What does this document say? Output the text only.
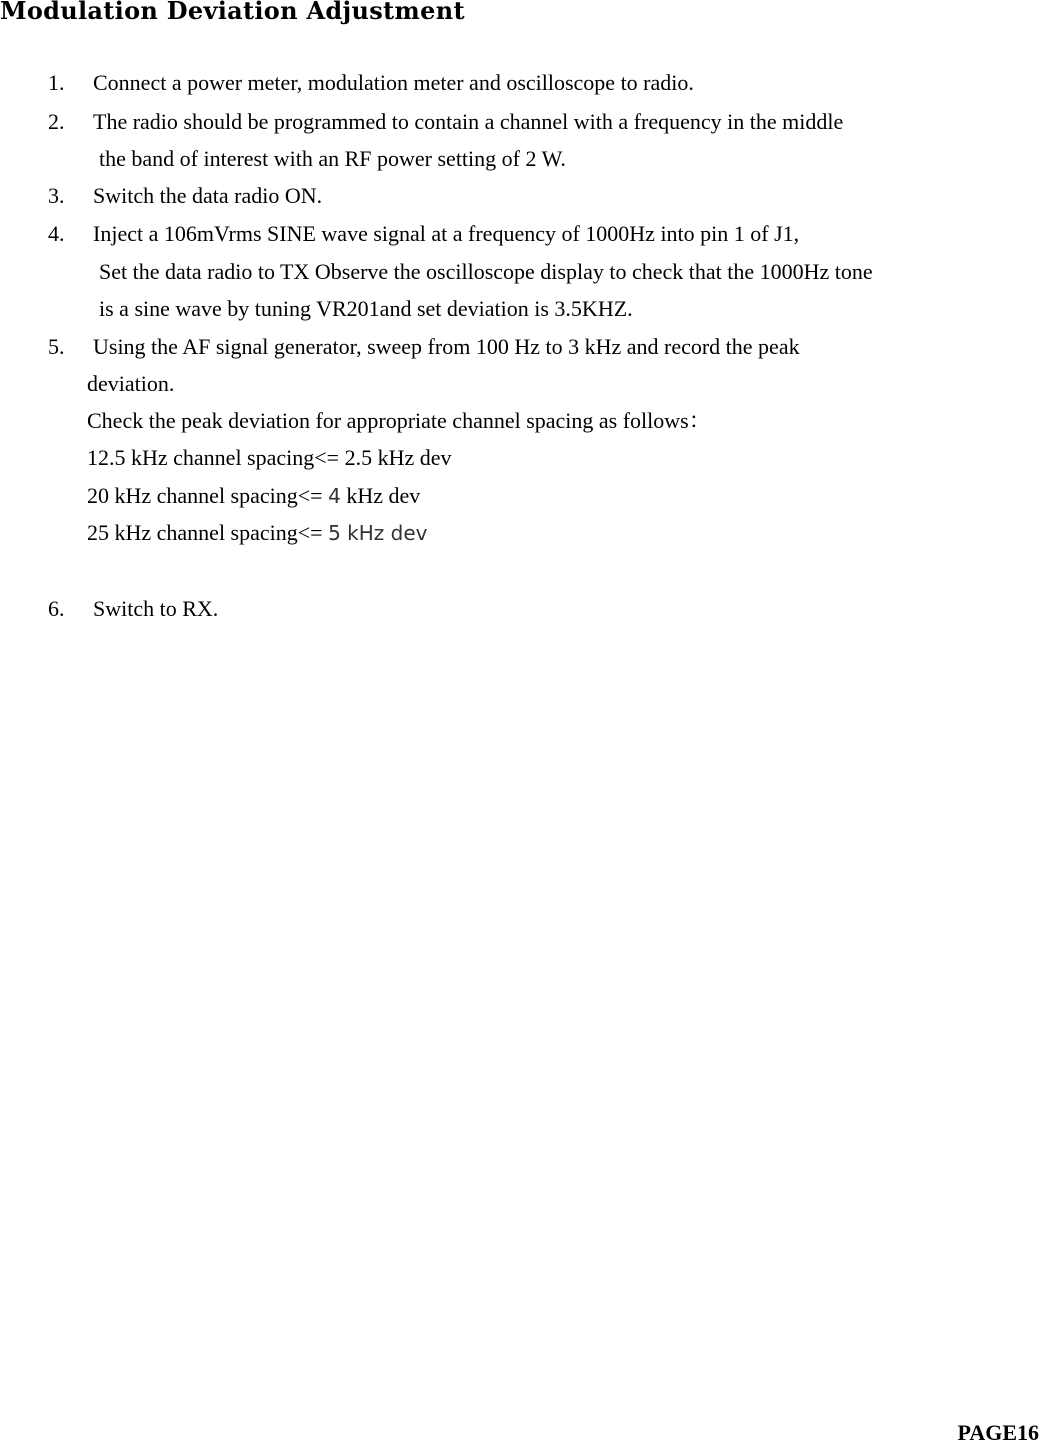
Modulation Deviation Adjustment
1. Connect a power meter, modulation meter and oscilloscope to radio.
2. The radio should be programmed to contain a channel with a frequency in the middle
the band of interest with an RF power setting of 2 W.
3. Switch the data radio ON.
4. Inject a 106mVrms SINE wave signal at a frequency of 1000Hz into pin 1 of J1,
Set the data radio to TX Observe the oscilloscope display to check that the 1000Hz tone
is a sine wave by tuning VR201and set deviation is 3.5KHZ.
5. Using the AF signal generator, sweep from 100 Hz to 3 kHz and record the peak
deviation.
Check the peak deviation for appropriate channel spacing as follows：
12.5 kHz channel spacing<= 2.5 kHz dev
20 kHz channel spacing<= 4 kHz dev
25 kHz channel spacing<= 5 kHz dev
6. Switch to RX.
PAGE16
